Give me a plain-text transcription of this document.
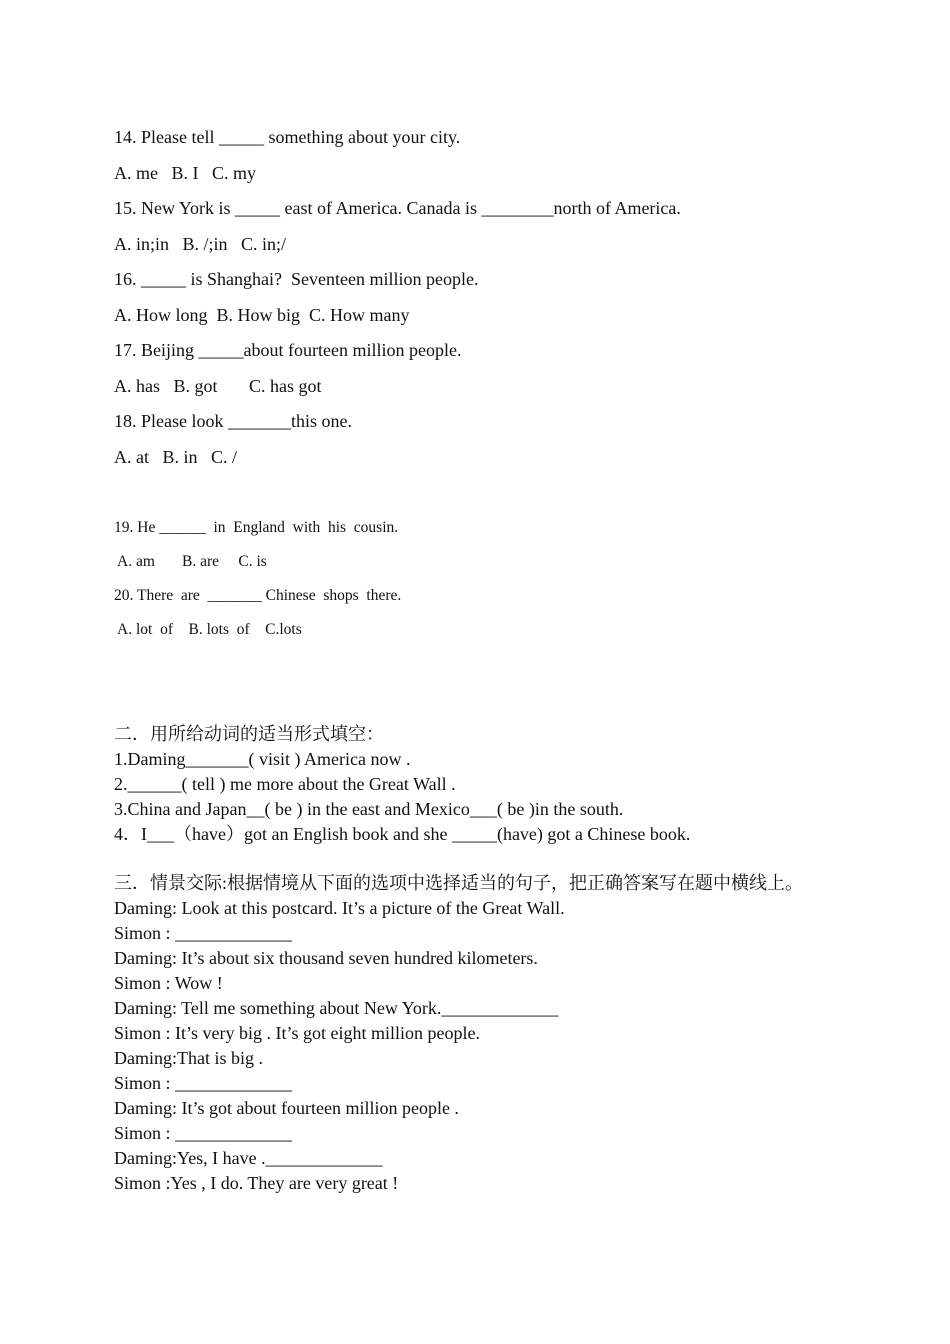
14. Please tell _____ something about your city.
A. me   B. I   C. my
15. New York is _____ east of America. Canada is ________north of America.
A. in;in   B. /;in   C. in;/
16. _____ is Shanghai?  Seventeen million people.
A. How long  B. How big  C. How many
17. Beijing _____about fourteen million people.
A. has   B. got       C. has got
18. Please look _______this one.
A. at   B. in   C. /
19. He ______  in  England  with  his  cousin.
A. am       B. are     C. is
20. There  are  _______ Chinese  shops  there.
A. lot  of    B. lots  of    C.lots
二．用所给动词的适当形式填空：
1.Daming_______( visit ) America now .
2.______( tell ) me more about the Great Wall .
3.China and Japan__( be ) in the east and Mexico___( be )in the south.
4．I___（have）got an English book and she _____(have) got a Chinese book.
三．情景交际:根据情境从下面的选项中选择适当的句子，把正确答案写在题中横线上。
Daming: Look at this postcard. It’s a picture of the Great Wall.
Simon : _____________
Daming: It’s about six thousand seven hundred kilometers.
Simon : Wow !
Daming: Tell me something about New York._____________
Simon : It’s very big . It’s got eight million people.
Daming:That is big .
Simon : _____________
Daming: It’s got about fourteen million people .
Simon : _____________
Daming:Yes, I have ._____________
Simon :Yes , I do. They are very great !
